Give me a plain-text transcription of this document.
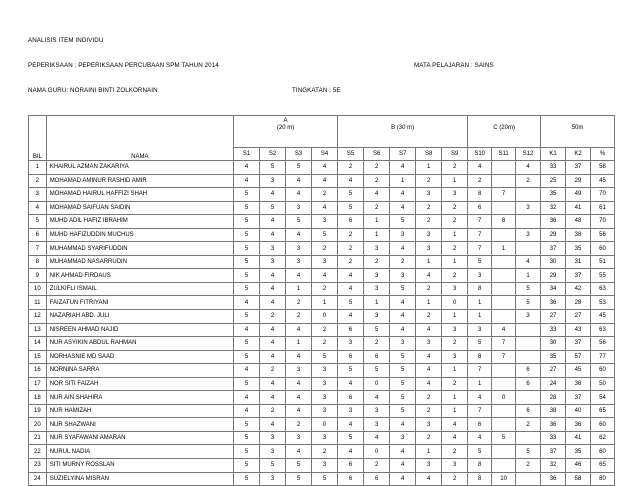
ANALISIS ITEM INDIVIDU
PEPERIKSAAN : PEPERIKSAAN PERCUBAAN SPM TAHUN 2014	MATA PELAJARAN : SAINS
NAMA GURU: NORAINI BINTI ZOLKORNAIN	TINGKATAN : 5E
BIL	NAMA	A
(20 m)				B (30 m)					C (20m)			50m		

		S1	S2	S3	S4	S5	S6	S7	S8	S9	S10	S11	S12	K1	K2	%
1	KHAIRUL AZMAN ZAKARIYA	4	5	5	4	2	2	4	1	2	4		4	33	37	58
2	MOHAMAD AMINUR RASHID AMIR	4	3	4	4	4	2	1	2	1	2		2	25	29	45
3	MOHAMAD HAIRUL HAFFIZI SHAH	5	4	4	2	5	4	4	3	3	8	7		35	49	70
4	MOHAMAD SAIFUAN SAIDIN	5	5	3	4	5	2	4	2	2	6		3	32	41	61
5	MUHD ADIL HAFIZ IBRAHIM	5	4	5	3	6	1	5	2	2	7	8		36	48	70
6	MUHD HAFIZUDDIN MUCHUS	5	4	4	5	2	1	3	3	1	7		3	29	38	56
7	MUHAMMAD SYARIFUDDIN	5	3	3	2	2	3	4	3	2	7	1		37	35	60
8	MUHAMMAD NASARRUDIN	5	3	3	3	2	2	2	1	1	5		4	30	31	51
9	NIK AHMAD FIRDAUS	5	4	4	4	4	3	3	4	2	3		1	29	37	55
10	ZULKIFLI ISMAIL	5	4	1	2	4	3	5	2	3	8		5	34	42	63
11	FAIZATUN FITRIYANI	4	4	2	1	5	1	4	1	0	1		5	36	28	53
12	NAZARIAH ABD. JULI	5	2	2	0	4	3	4	2	1	1		3	27	27	45
13	NISREEN AHMAD NAJID	4	4	4	2	6	5	4	4	3	3	4		33	43	63
14	NUR ASYIKIN ABDUL RAHMAN	5	4	1	2	3	2	3	3	2	5	7		30	37	56
15	NORHASNIE MD SAAD	5	4	4	5	6	6	5	4	3	8	7		35	57	77
16	NORNINA SARRA	4	2	3	3	5	5	5	4	1	7		6	27	45	60
17	NOR SITI FAIZAH	5	4	4	3	4	0	5	4	2	1		6	24	36	50
18	NUR AIN SHAHIRA	4	4	4	3	6	4	5	2	1	4	0		28	37	54
19	NUR HAMIZAH	4	2	4	3	3	3	5	2	1	7		6	38	40	65
20	NUR SHAZWANI	5	4	2	0	4	3	4	3	4	6		2	36	36	60
21	NUR SYAFAWANI AMARAN	5	3	3	3	5	4	3	2	4	4	5		33	41	62
22	NURUL NADIA	5	3	4	2	4	0	4	1	2	5		5	37	35	60
23	SITI MURNY ROSSLAN	5	5	5	3	6	2	4	3	3	8		2	32	46	65
24	SUZIELYINA MISRAN	5	3	5	5	6	6	4	4	2	8	10		36	58	80
